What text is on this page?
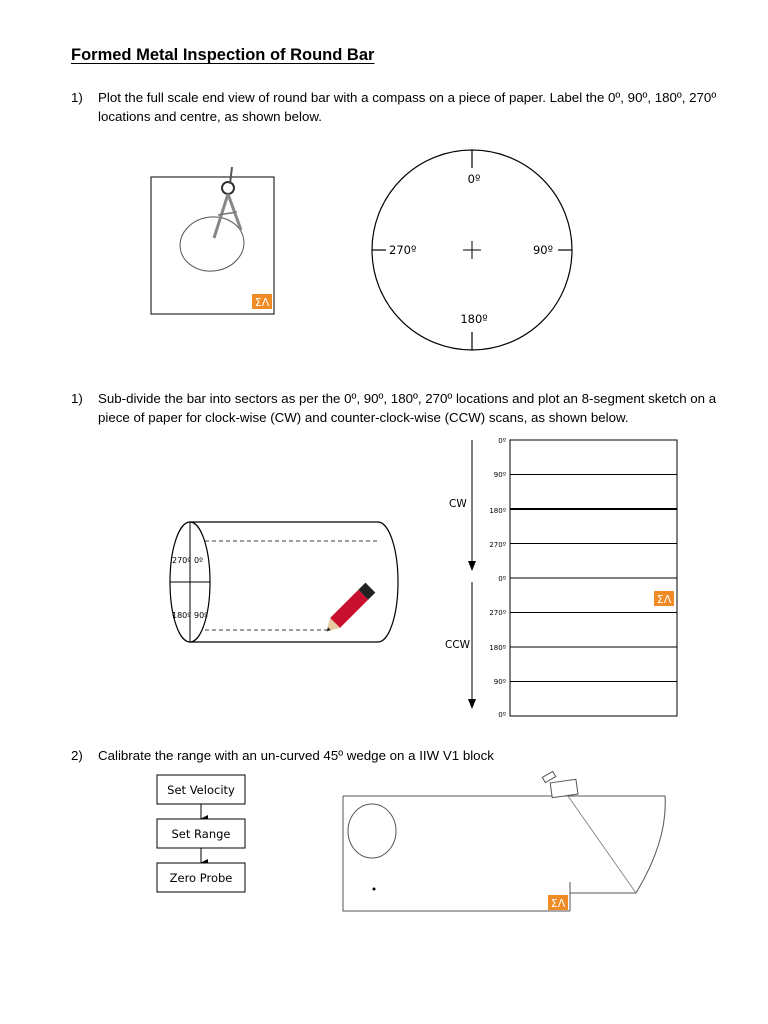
Formed Metal Inspection of Round Bar
1) Plot the full scale end view of round bar with a compass on a piece of paper. Label the 0º, 90º, 180º, 270º locations and centre, as shown below.
1) Sub-divide the bar into sectors as per the 0º, 90º, 180º, 270º locations and plot an 8-segment sketch on a piece of paper for clock-wise (CW) and counter-clock-wise (CCW) scans, as shown below.
2) Calibrate the range with an un-curved 45º wedge on a IIW V1 block
ΣΛ
0º
90º
180º
270º
270º 0º
180º 90º
0º
90º
180º
270º
0º
270º
180º
90º
0º
ΣΛ
CW
CCW
Set Velocity
Set Range
Zero Probe
ΣΛ
